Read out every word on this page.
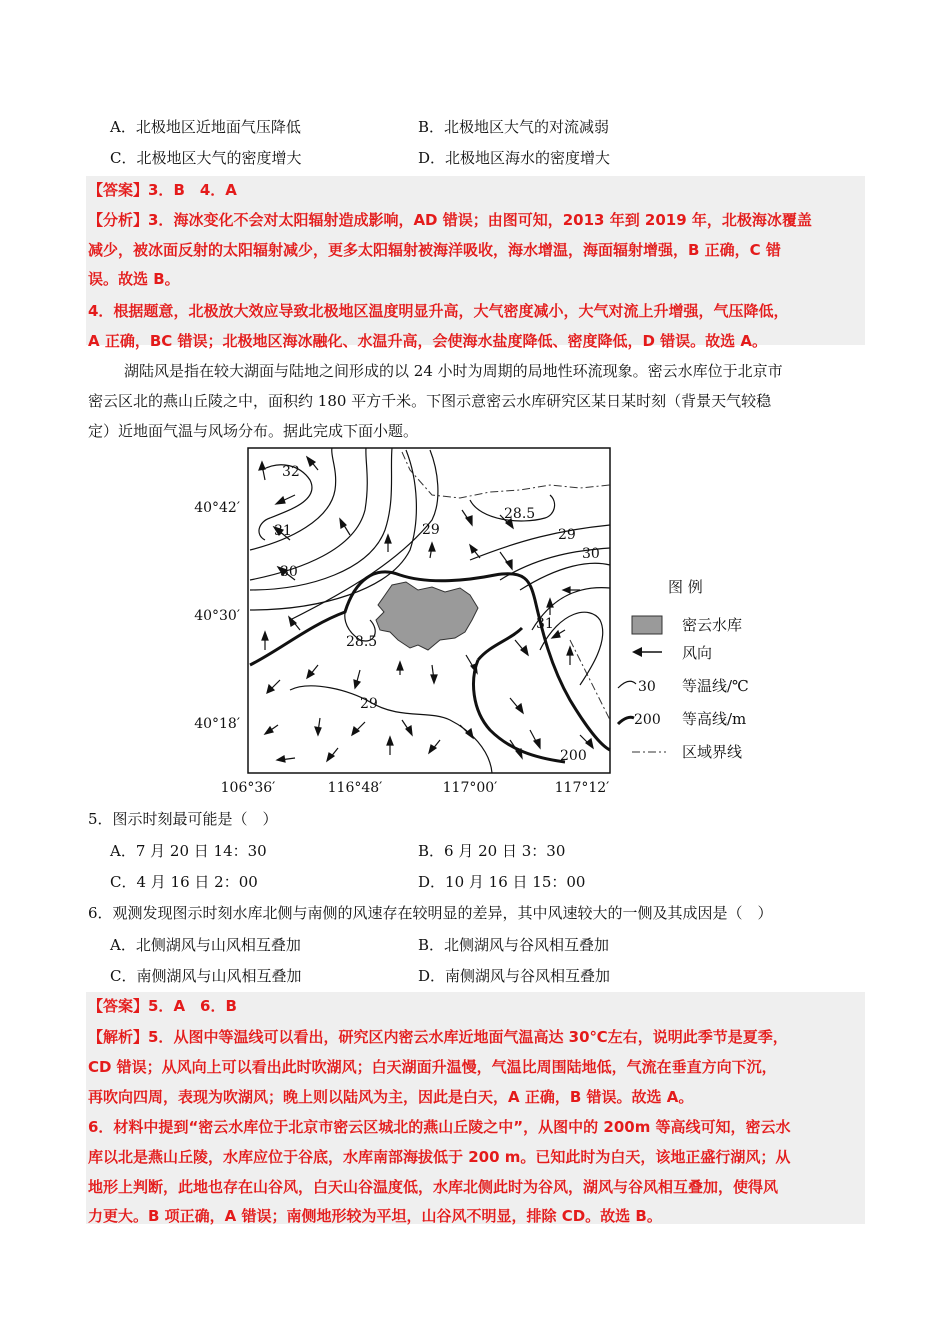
A．北极地区近地面气压降低	B．北极地区大气的对流减弱
C．北极地区大气的密度增大	D．北极地区海水的密度增大
【答案】3．B　4．A
【分析】3．海冰变化不会对太阳辐射造成影响，AD 错误；由图可知，2013 年到 2019 年，北极海冰覆盖
减少，被冰面反射的太阳辐射减少，更多太阳辐射被海洋吸收，海水增温，海面辐射增强，B 正确，C 错
误。故选 B。
4．根据题意，北极放大效应导致北极地区温度明显升高，大气密度减小，大气对流上升增强，气压降低，
A 正确，BC 错误；北极地区海冰融化、水温升高，会使海水盐度降低、密度降低，D 错误。故选 A。
湖陆风是指在较大湖面与陆地之间形成的以 24 小时为周期的局地性环流现象。密云水库位于北京市
密云区北的燕山丘陵之中，面积约 180 平方千米。下图示意密云水库研究区某日某时刻（背景天气较稳
定）近地面气温与风场分布。据此完成下面小题。
32
31
30
29
28.5
29
30
31
28.5
29
200
40°42′
40°30′
40°18′
106°36′	116°48′	117°00′	117°12′
图 例
密云水库
风向
30 等温线/℃
200 等高线/m
区域界线
5．图示时刻最可能是（　）
A．7 月 20 日 14：30	B．6 月 20 日 3：30
C．4 月 16 日 2：00	D．10 月 16 日 15：00
6．观测发现图示时刻水库北侧与南侧的风速存在较明显的差异，其中风速较大的一侧及其成因是（　）
A．北侧湖风与山风相互叠加	B．北侧湖风与谷风相互叠加
C．南侧湖风与山风相互叠加	D．南侧湖风与谷风相互叠加
【答案】5．A　6．B
【解析】5．从图中等温线可以看出，研究区内密云水库近地面气温高达 30℃左右，说明此季节是夏季，
CD 错误；从风向上可以看出此时吹湖风；白天湖面升温慢，气温比周围陆地低，气流在垂直方向下沉，
再吹向四周，表现为吹湖风；晚上则以陆风为主，因此是白天，A 正确，B 错误。故选 A。
6．材料中提到“密云水库位于北京市密云区城北的燕山丘陵之中”，从图中的 200m 等高线可知，密云水
库以北是燕山丘陵，水库应位于谷底，水库南部海拔低于 200 m。已知此时为白天，该地正盛行湖风；从
地形上判断，此地也存在山谷风，白天山谷温度低，水库北侧此时为谷风，湖风与谷风相互叠加，使得风
力更大。B 项正确，A 错误；南侧地形较为平坦，山谷风不明显，排除 CD。故选 B。
